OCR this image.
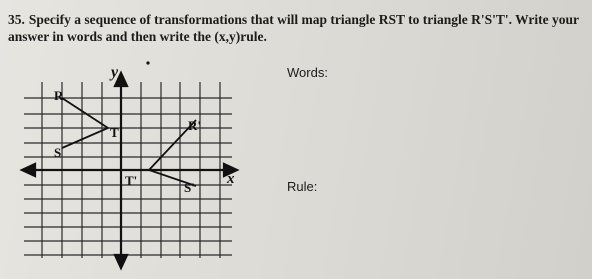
35. Specify a sequence of transformations that will map triangle RST to triangle R'S'T'. Write your
answer in words and then write the (x,y)rule.
y
x
R
T
S
R'
T'	S'
Words:
Rule:
